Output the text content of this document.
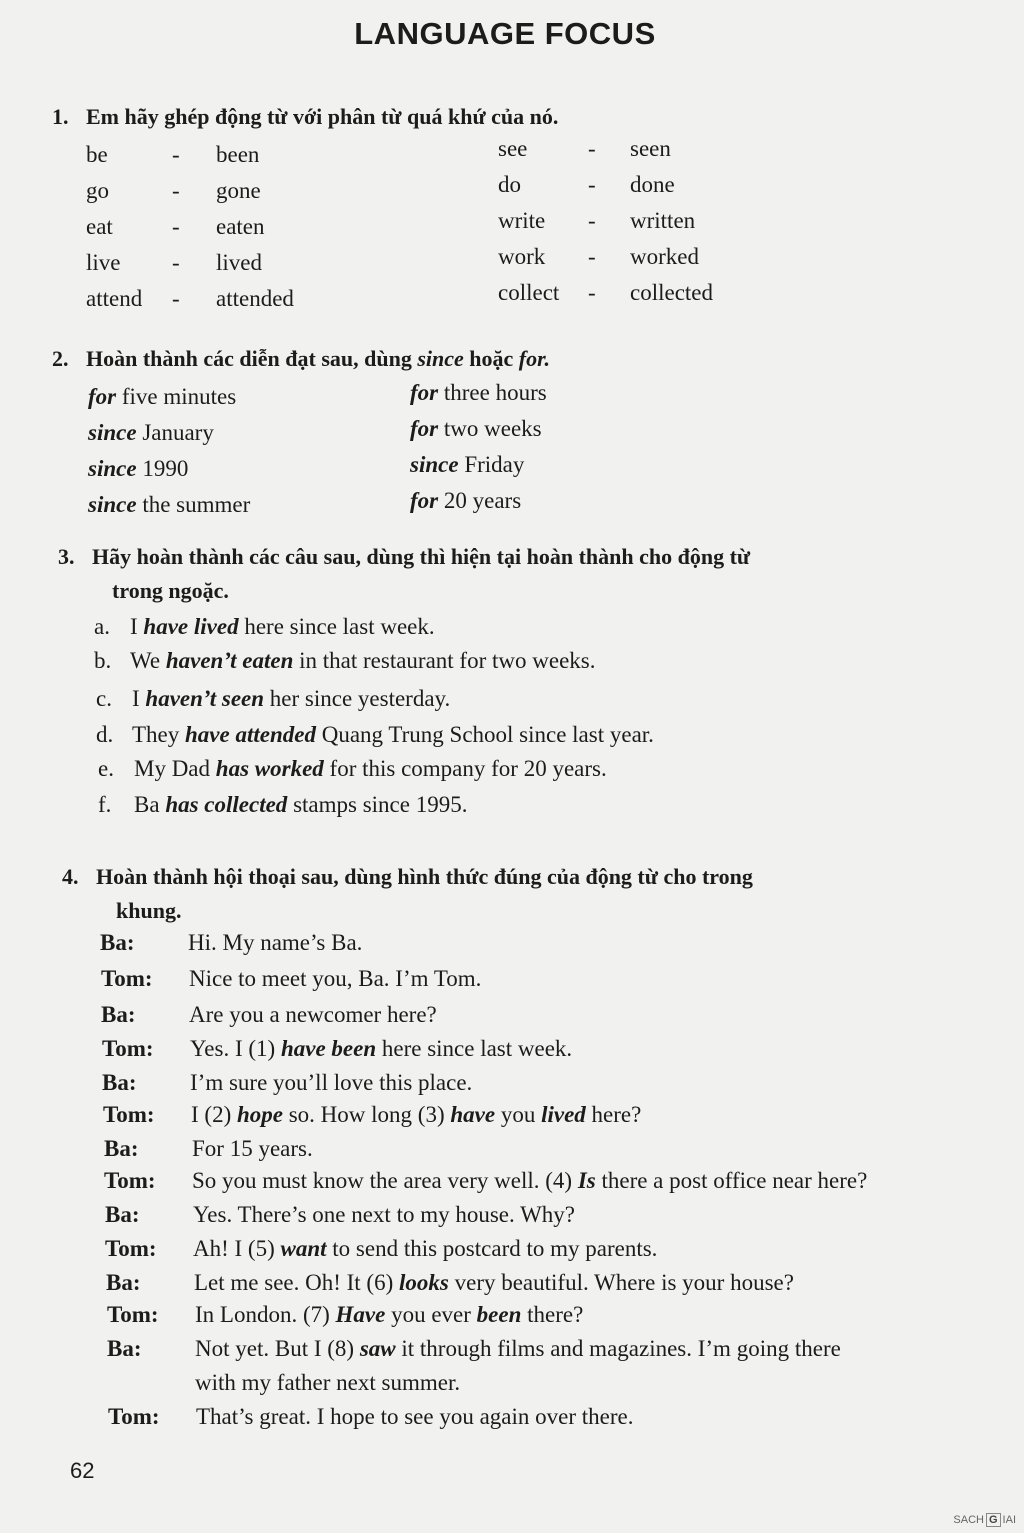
LANGUAGE FOCUS
1. Em hãy ghép động từ với phân từ quá khứ của nó.
be	- been
go	- gone
eat	- eaten
live - lived
attend - attended
see	- seen
do	- done
write - written
work - worked
collect - collected
2. Hoàn thành các diễn đạt sau, dùng since hoặc for.
for five minutes
since January
since 1990
since the summer
for three hours
for two weeks
since Friday
for 20 years
3. Hãy hoàn thành các câu sau, dùng thì hiện tại hoàn thành cho động từ
trong ngoặc.
a. I have lived here since last week.
b. We haven’t eaten in that restaurant for two weeks.
c. I haven’t seen her since yesterday.
d. They have attended Quang Trung School since last year.
e. My Dad has worked for this company for 20 years.
f. Ba has collected stamps since 1995.
4. Hoàn thành hội thoại sau, dùng hình thức đúng của động từ cho trong
khung.
Ba: Hi. My name’s Ba.
Tom: Nice to meet you, Ba. I’m Tom.
Ba: Are you a newcomer here?
Tom: Yes. I (1) have been here since last week.
Ba: I’m sure you’ll love this place.
Tom: I (2) hope so. How long (3) have you lived here?
Ba: For 15 years.
Tom: So you must know the area very well. (4) Is there a post office near here?
Ba: Yes. There’s one next to my house. Why?
Tom: Ah! I (5) want to send this postcard to my parents.
Ba: Let me see. Oh! It (6) looks very beautiful. Where is your house?
Tom: In London. (7) Have you ever been there?
Ba: Not yet. But I (8) saw it through films and magazines. I’m going there
with my father next summer.
Tom: That’s great. I hope to see you again over there.
62
SACH G IAI
